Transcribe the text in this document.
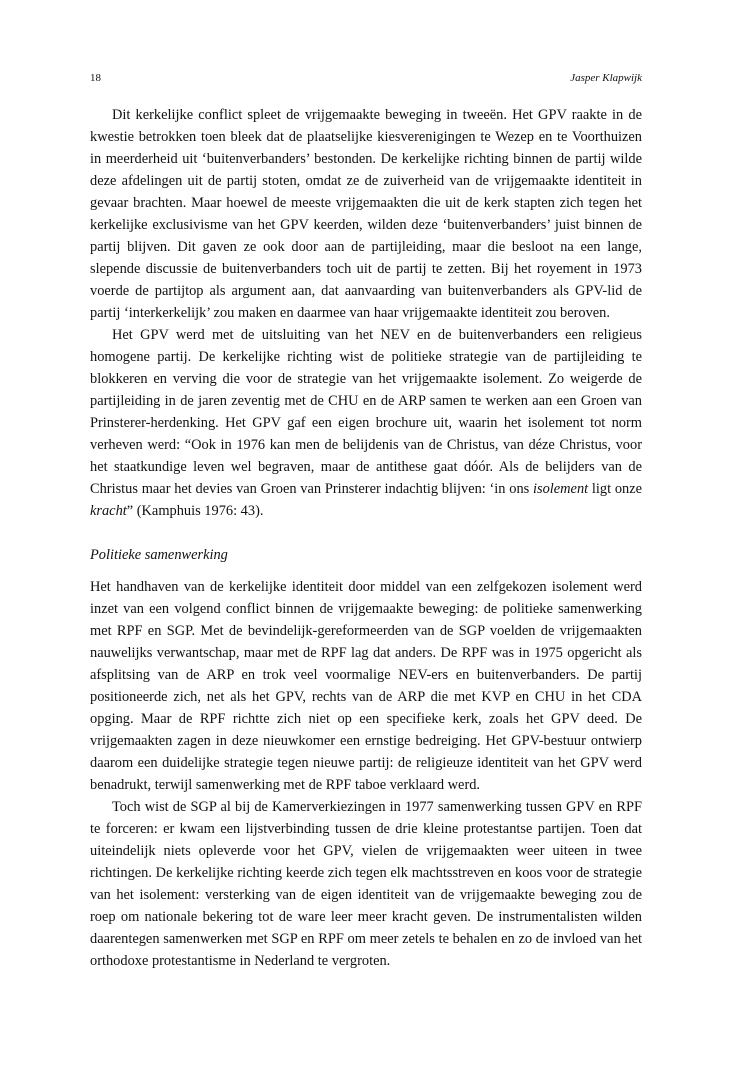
18	Jasper Klapwijk

Dit kerkelijke conflict spleet de vrijgemaakte beweging in tweeën. Het GPV raakte in de kwestie betrokken toen bleek dat de plaatselijke kiesverenigingen te Wezep en te Voorthuizen in meerderheid uit ‘buitenverbanders’ bestonden. De kerkelijke richting binnen de partij wilde deze afdelingen uit de partij stoten, omdat ze de zuiverheid van de vrijgemaakte identiteit in gevaar brachten. Maar hoewel de meeste vrijgemaakten die uit de kerk stapten zich tegen het kerkelijke exclusivisme van het GPV keerden, wilden deze ‘buitenverbanders’ juist binnen de partij blijven. Dit gaven ze ook door aan de partijleiding, maar die besloot na een lange, slepende discussie de buitenverbanders toch uit de partij te zetten. Bij het royement in 1973 voerde de partijtop als argument aan, dat aanvaarding van buitenverbanders als GPV-lid de partij ‘interkerkelijk’ zou maken en daarmee van haar vrijgemaakte identiteit zou beroven.

Het GPV werd met de uitsluiting van het NEV en de buitenverbanders een religieus homogene partij. De kerkelijke richting wist de politieke strategie van de partijleiding te blokkeren en verving die voor de strategie van het vrijgemaakte isolement. Zo weigerde de partijleiding in de jaren zeventig met de CHU en de ARP samen te werken aan een Groen van Prinsterer-herdenking. Het GPV gaf een eigen brochure uit, waarin het isolement tot norm verheven werd: “Ook in 1976 kan men de belijdenis van de Christus, van déze Christus, voor het staatkundige leven wel begraven, maar de antithese gaat dóór. Als de belijders van de Christus maar het devies van Groen van Prinsterer indachtig blijven: ‘in ons isolement ligt onze kracht” (Kamphuis 1976: 43).

Politieke samenwerking

Het handhaven van de kerkelijke identiteit door middel van een zelfgekozen isolement werd inzet van een volgend conflict binnen de vrijgemaakte beweging: de politieke samenwerking met RPF en SGP. Met de bevindelijk-gereformeerden van de SGP voelden de vrijgemaakten nauwelijks verwantschap, maar met de RPF lag dat anders. De RPF was in 1975 opgericht als afsplitsing van de ARP en trok veel voormalige NEV-ers en buitenverbanders. De partij positioneerde zich, net als het GPV, rechts van de ARP die met KVP en CHU in het CDA opging. Maar de RPF richtte zich niet op een specifieke kerk, zoals het GPV deed. De vrijgemaakten zagen in deze nieuwkomer een ernstige bedreiging. Het GPV-bestuur ontwierp daarom een duidelijke strategie tegen nieuwe partij: de religieuze identiteit van het GPV werd benadrukt, terwijl samenwerking met de RPF taboe verklaard werd.

Toch wist de SGP al bij de Kamerverkiezingen in 1977 samenwerking tussen GPV en RPF te forceren: er kwam een lijstverbinding tussen de drie kleine protestantse partijen. Toen dat uiteindelijk niets opleverde voor het GPV, vielen de vrijgemaakten weer uiteen in twee richtingen. De kerkelijke richting keerde zich tegen elk machtsstreven en koos voor de strategie van het isolement: versterking van de eigen identiteit van de vrijgemaakte beweging zou de roep om nationale bekering tot de ware leer meer kracht geven. De instrumentalisten wilden daarentegen samenwerken met SGP en RPF om meer zetels te behalen en zo de invloed van het orthodoxe protestantisme in Nederland te vergroten.
